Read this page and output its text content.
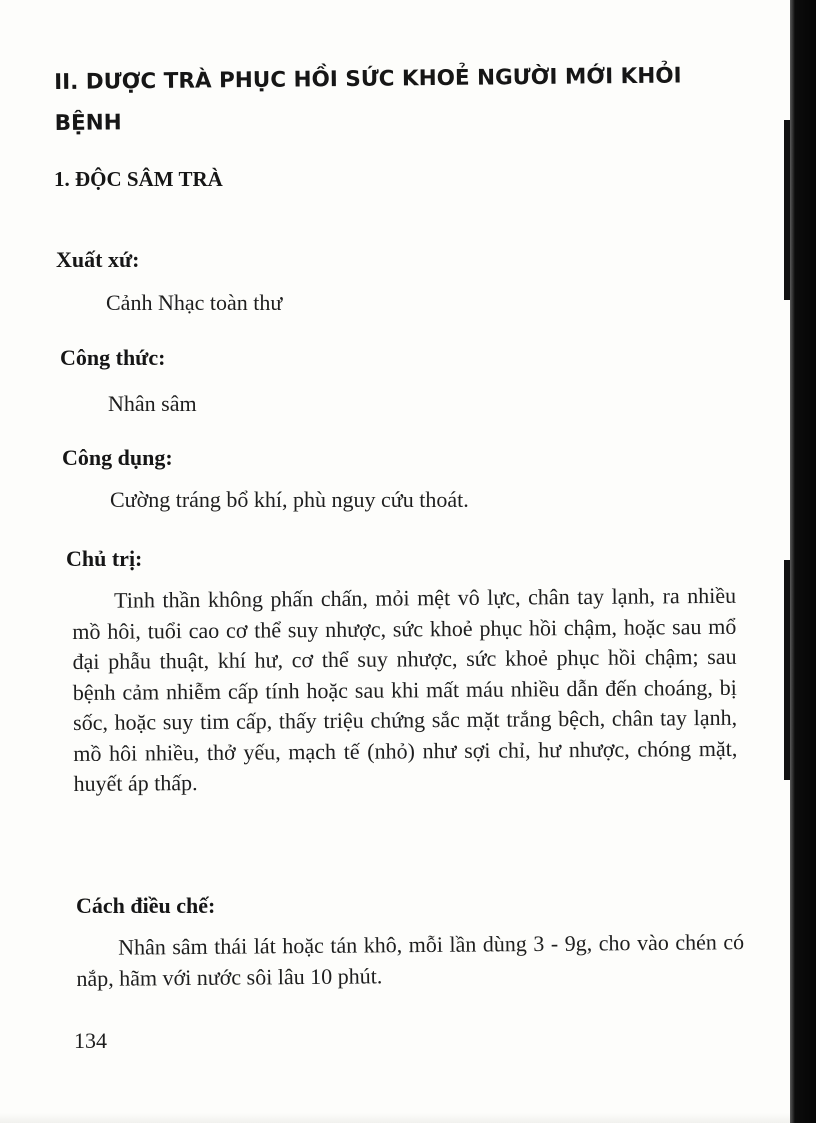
II. DƯỢC TRÀ PHỤC HỒI SỨC KHOẺ NGƯỜI MỚI KHỎI BỆNH
1. ĐỘC SÂM TRÀ
Xuất xứ:
Cảnh Nhạc toàn thư
Công thức:
Nhân sâm
Công dụng:
Cường tráng bổ khí, phù nguy cứu thoát.
Chủ trị:
Tinh thần không phấn chấn, mỏi mệt vô lực, chân tay lạnh, ra nhiều mồ hôi, tuổi cao cơ thể suy nhược, sức khoẻ phục hồi chậm, hoặc sau mổ đại phẫu thuật, khí hư, cơ thể suy nhược, sức khoẻ phục hồi chậm; sau bệnh cảm nhiễm cấp tính hoặc sau khi mất máu nhiều dẫn đến choáng, bị sốc, hoặc suy tim cấp, thấy triệu chứng sắc mặt trắng bệch, chân tay lạnh, mồ hôi nhiều, thở yếu, mạch tế (nhỏ) như sợi chỉ, hư nhược, chóng mặt, huyết áp thấp.
Cách điều chế:
Nhân sâm thái lát hoặc tán khô, mỗi lần dùng 3 - 9g, cho vào chén có nắp, hãm với nước sôi lâu 10 phút.
134
